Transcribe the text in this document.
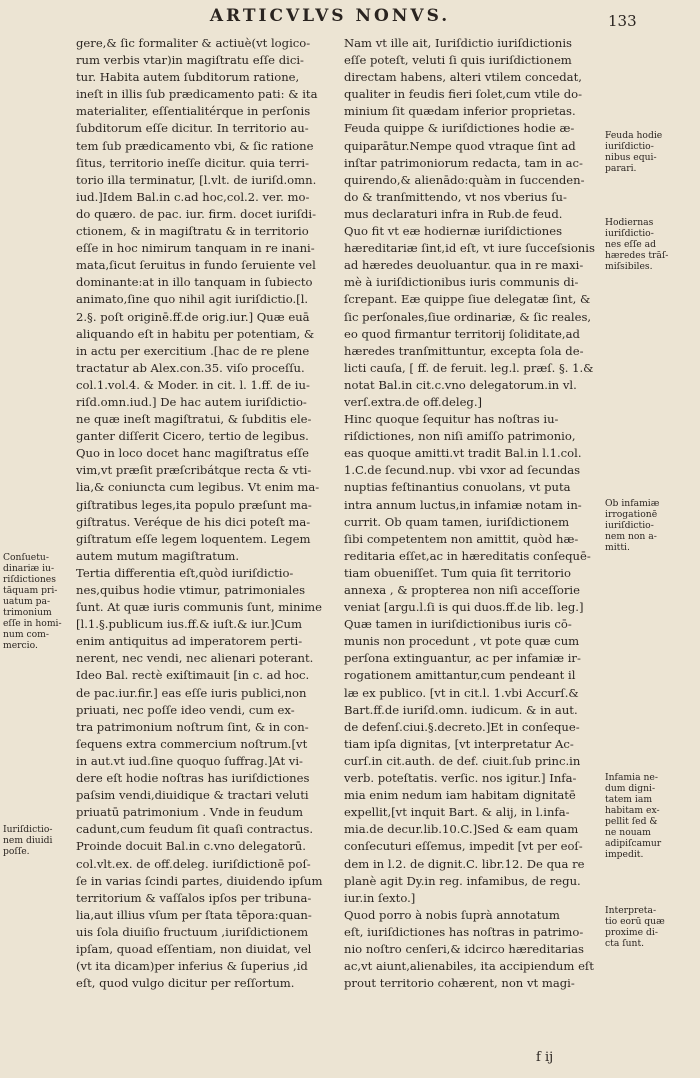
ARTICVLVS NONVS.	133
gere,& ſic formaliter & actiuè(vt logico-
rum verbis vtar)in magiſtratu eſſe dici-
tur. Habita autem ſubditorum ratione,
ineſt in illis ſub prædicamento pati: & ita
materialiter, eſſentialitérque in perſonis
ſubditorum eſſe dicitur. In territorio au-
tem ſub prædicamento vbi, & ſic ratione
ſitus, territorio ineſſe dicitur. quia terri-
torio illa terminatur, [l.vlt. de iuriſd.omn.
iud.]Idem Bal.in c.ad hoc,col.2. ver. mo-
do quæro. de pac. iur. firm. docet iuriſdi-
ctionem, & in magiſtratu & in territorio
eſſe in hoc nimirum tanquam in re inani-
mata,ſicut ſeruitus in fundo ſeruiente vel
dominante:at in illo tanquam in ſubiecto
animato,ſine quo nihil agit iuriſdictio.[l.
2.§. poſt originē.ff.de orig.iur.] Quæ euā
aliquando eſt in habitu per potentiam, &
in actu per exercitium .[hac de re plene
tractatur ab Alex.con.35. viſo proceſſu.
col.1.vol.4. & Moder. in cit. l. 1.ff. de iu-
riſd.omn.iud.] De hac autem iuriſdictio-
ne quæ ineſt magiſtratui, & ſubditis ele-
ganter diſſerit Cicero, tertio de legibus.
Quo in loco docet hanc magiſtratus eſſe
vim,vt præſit præſcribátque recta & vti-
lia,& coniuncta cum legibus. Vt enim ma-
giſtratibus leges,ita populo præſunt ma-
giſtratus. Veréque de his dici poteſt ma-
giſtratum eſſe legem loquentem. Legem
autem mutum magiſtratum.
Tertia differentia eſt,quòd iuriſdictio-
nes,quibus hodie vtimur, patrimoniales
ſunt. At quæ iuris communis ſunt, minime
[l.1.§.publicum ius.ff.& iuſt.& iur.]Cum
enim antiquitus ad imperatorem perti-
nerent, nec vendi, nec alienari poterant.
Ideo Bal. rectè exiſtimauit [in c. ad hoc.
de pac.iur.fir.] eas eſſe iuris publici,non
priuati, nec poſſe ideo vendi, cum ex-
tra patrimonium noſtrum ſint, & in con-
ſequens extra commercium noſtrum.[vt
in aut.vt iud.ſine quoquo ſuffrag.]At vi-
dere eſt hodie noſtras has iuriſdictiones
paſsim vendi,diuidique & tractari veluti
priuatū patrimonium . Vnde in feudum
cadunt,cum feudum ſit quaſi contractus.
Proinde docuit Bal.in c.vno delegatorū.
col.vlt.ex. de off.deleg. iuriſdictionē poſ-
ſe in varias ſcindi partes, diuidendo ipſum
territorium & vaſſalos ipſos per tribuna-
lia,aut illius vſum per ſtata tēpora:quan-
uis ſola diuiſio fructuum ,iuriſdictionem
ipſam, quoad eſſentiam, non diuidat, vel
(vt ita dicam)per inferius & ſuperius ,id
eſt, quod vulgo dicitur per reſſortum.
Nam vt ille ait, Iuriſdictio iuriſdictionis
eſſe poteſt, veluti ſi quis iuriſdictionem
directam habens, alteri vtilem concedat,
qualiter in feudis fieri ſolet,cum vtile do-
minium ſit quædam inferior proprietas.
Feuda quippe & iuriſdictiones hodie æ-
quiparātur.Nempe quod vtraque ſint ad
inſtar patrimoniorum redacta, tam in ac-
quirendo,& alienādo:quàm in ſuccenden-
do & tranſmittendo, vt nos vberius ſu-
mus declaraturi infra in Rub.de feud.
Quo fit vt eæ hodiernæ iuriſdictiones
hæreditariæ ſint,id eſt, vt iure ſucceſsionis
ad hæredes deuoluantur. qua in re maxi-
mè à iuriſdictionibus iuris communis di-
ſcrepant. Eæ quippe ſiue delegatæ ſint, &
ſic perſonales,ſiue ordinariæ, & ſic reales,
eo quod firmantur territorij ſoliditate,ad
hæredes tranſmittuntur, excepta ſola de-
licti cauſa, [ ff. de feruit. leg.l. præſ. §. 1.&
notat Bal.in cit.c.vno delegatorum.in vl.
verſ.extra.de off.deleg.]
Hinc quoque ſequitur has noſtras iu-
riſdictiones, non niſi amiſſo patrimonio,
eas quoque amitti.vt tradit Bal.in l.1.col.
1.C.de ſecund.nup. vbi vxor ad ſecundas
nuptias feſtinantius conuolans, vt puta
intra annum luctus,in infamiæ notam in-
currit. Ob quam tamen, iuriſdictionem
ſibi competentem non amittit, quòd hæ-
reditaria eſſet,ac in hæreditatis conſequē-
tiam obueniſſet. Tum quia ſit territorio
annexa , & propterea non niſi acceſſorie
veniat [argu.l.ſi is qui duos.ff.de lib. leg.]
Quæ tamen in iuriſdictionibus iuris cō-
munis non procedunt , vt pote quæ cum
perſona extinguantur, ac per infamiæ ir-
rogationem amittantur,cum pendeant il
læ ex publico. [vt in cit.l. 1.vbi Accurſ.&
Bart.ff.de iuriſd.omn. iudicum. & in aut.
de defenſ.ciui.§.decreto.]Et in conſeque-
tiam ipſa dignitas, [vt interpretatur Ac-
curſ.in cit.auth. de def. ciuit.ſub princ.in
verb. poteſtatis. verſic. nos igitur.] Infa-
mia enim nedum iam habitam dignitatē
expellit,[vt inquit Bart. & alij, in l.infa-
mia.de decur.lib.10.C.]Sed & eam quam
conſecuturi eſſemus, impedit [vt per eoſ-
dem in l.2. de dignit.C. libr.12. De qua re
planè agit Dy.in reg. infamibus, de regu.
iur.in ſexto.]
Quod porro à nobis ſuprà annotatum
eſt, iuriſdictiones has noſtras in patrimo-
nio noſtro cenſeri,& idcirco hæreditarias
ac,vt aiunt,alienabiles, ita accipiendum eſt
prout territorio cohærent, non vt magi-
Conſuetu-
dinariæ iu-
riſdictiones
tāquam pri-
uatum pa-
trimonium
eſſe in homi-
num com-
mercio.
Iuriſdictio-
nem diuidi
poſſe.
Feuda hodie
iuriſdictio-
nibus equi-
parari.
Hodiernas
iuriſdictio-
nes eſſe ad
hæredes trāſ-
miſsibiles.
Ob infamiæ
irrogationē
iuriſdictio-
nem non a-
mitti.
Infamia ne-
dum digni-
tatem iam
habitam ex-
pellit ſed &
ne nouam
adipiſcamur
impedit.
Interpreta-
tio eorū quæ
proxime di-
cta ſunt.
f ij
